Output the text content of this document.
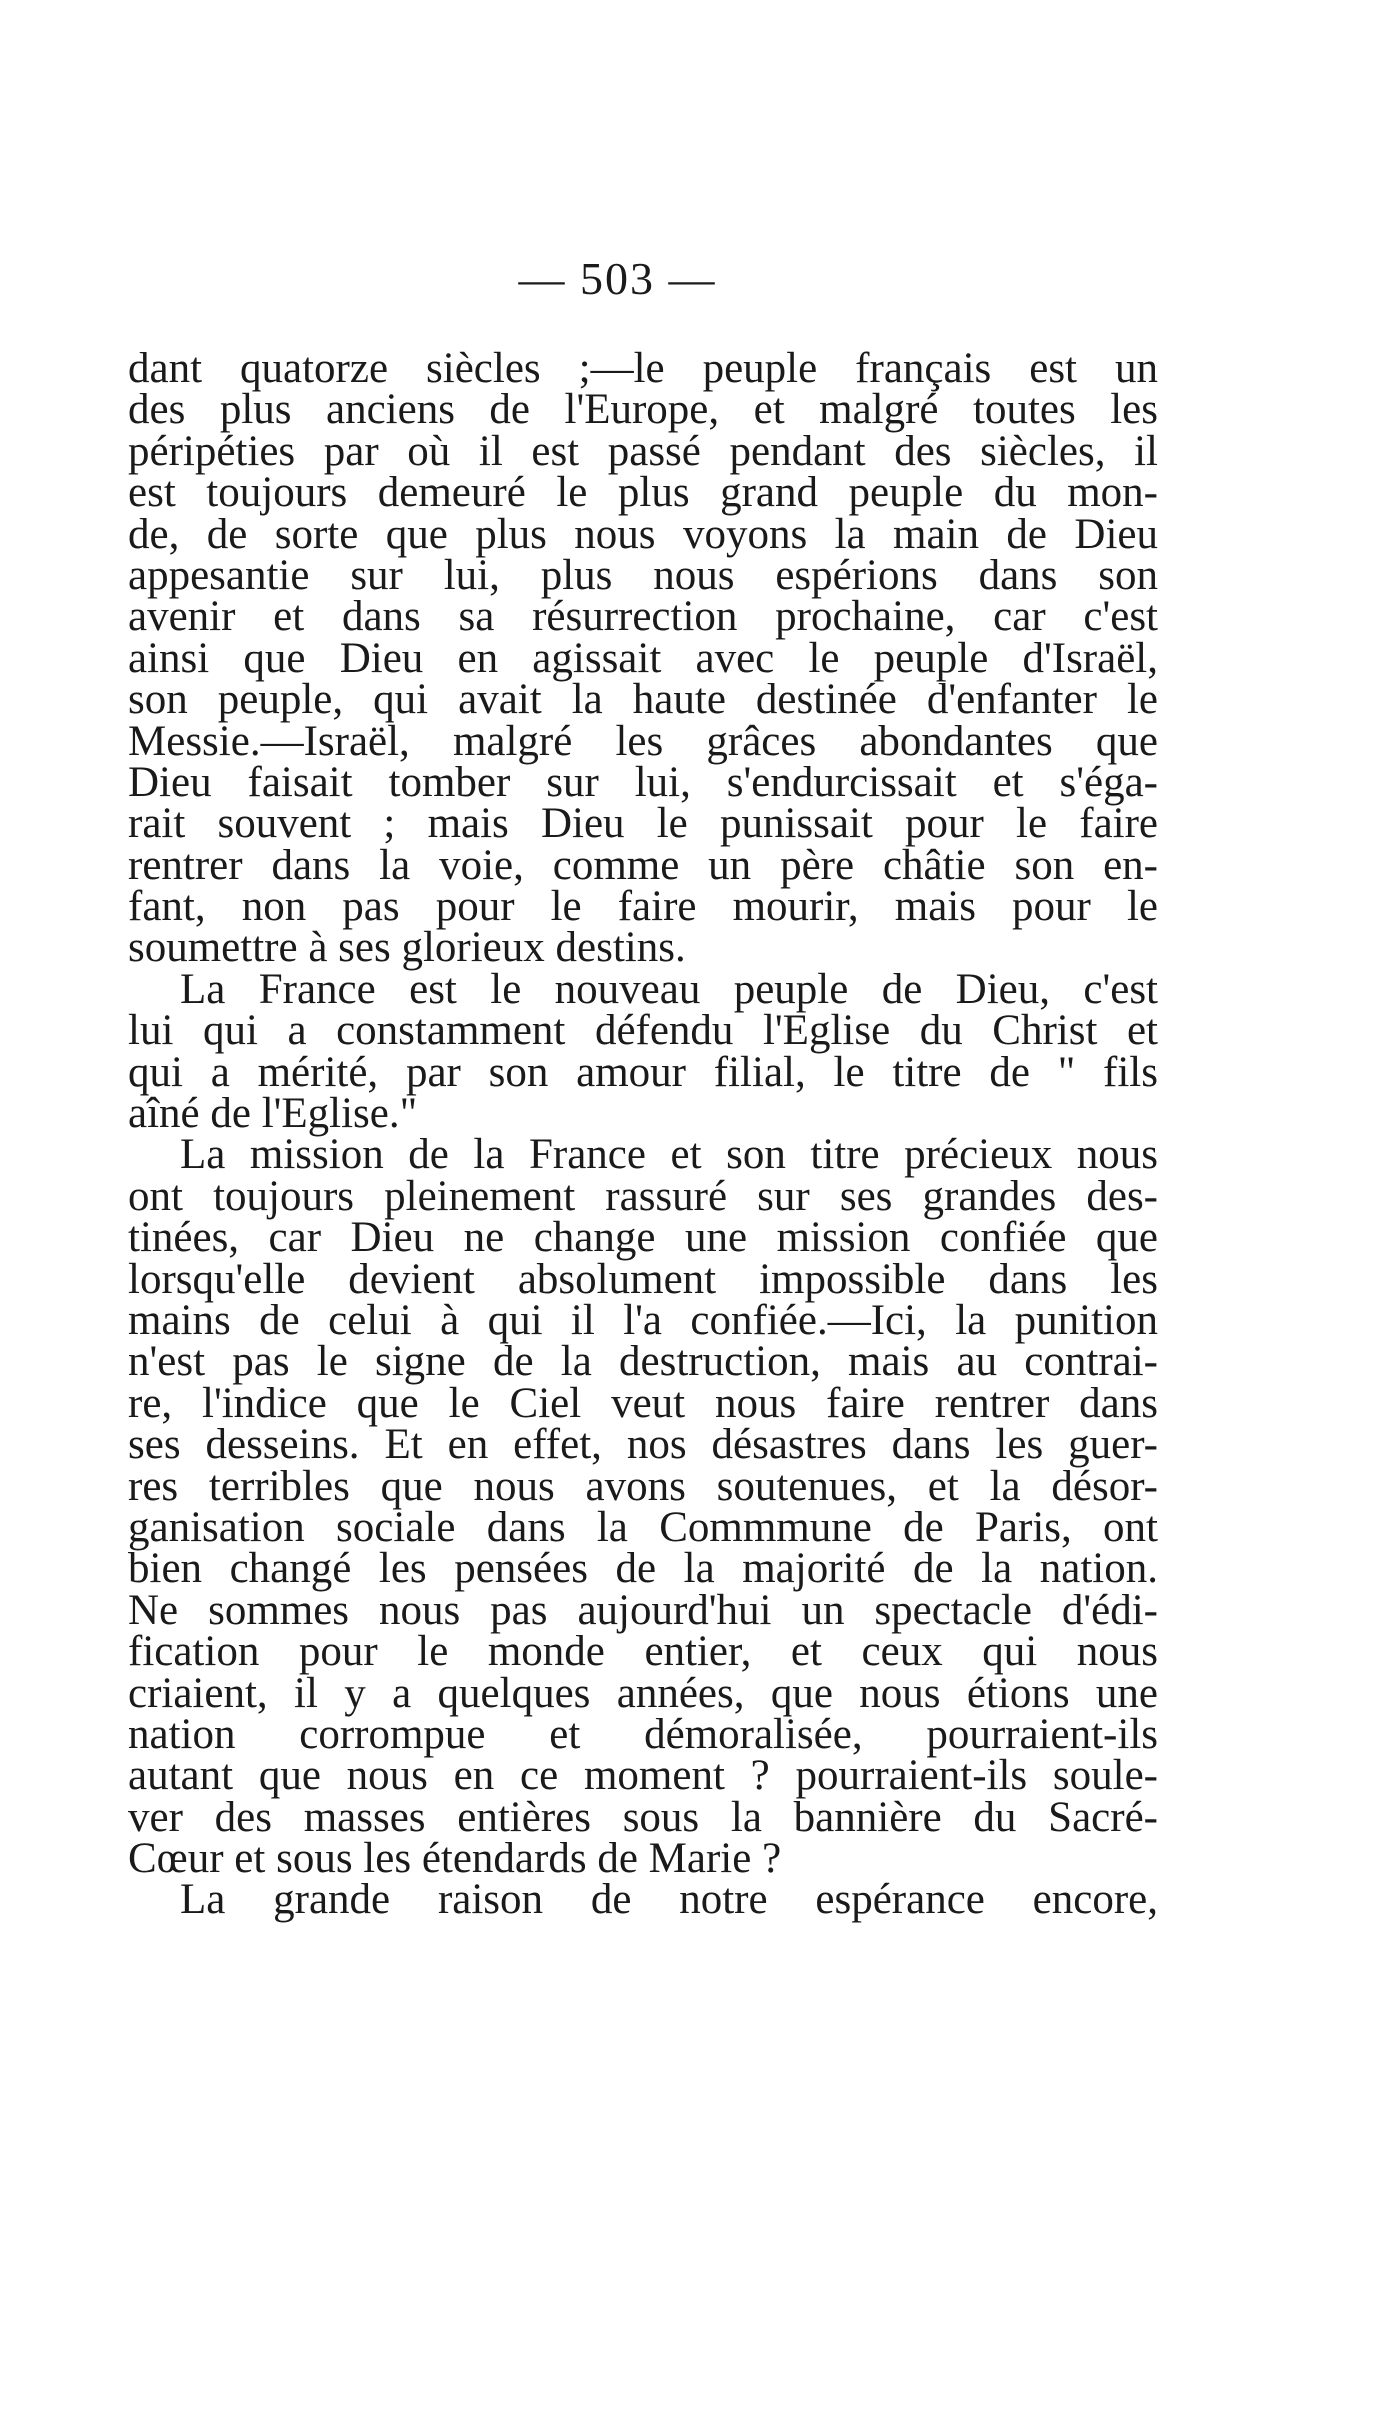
— 503 —
dant quatorze siècles ;—le peuple français est un
des plus anciens de l'Europe, et malgré toutes les
péripéties par où il est passé pendant des siècles, il
est toujours demeuré le plus grand peuple du mon-
de, de sorte que plus nous voyons la main de Dieu
appesantie sur lui, plus nous espérions dans son
avenir et dans sa résurrection prochaine, car c'est
ainsi que Dieu en agissait avec le peuple d'Israël,
son peuple, qui avait la haute destinée d'enfanter le
Messie.—Israël, malgré les grâces abondantes que
Dieu faisait tomber sur lui, s'endurcissait et s'éga-
rait souvent ; mais Dieu le punissait pour le faire
rentrer dans la voie, comme un père châtie son en-
fant, non pas pour le faire mourir, mais pour le
soumettre à ses glorieux destins.
La France est le nouveau peuple de Dieu, c'est
lui qui a constamment défendu l'Eglise du Christ et
qui a mérité, par son amour filial, le titre de " fils
aîné de l'Eglise."
La mission de la France et son titre précieux nous
ont toujours pleinement rassuré sur ses grandes des-
tinées, car Dieu ne change une mission confiée que
lorsqu'elle devient absolument impossible dans les
mains de celui à qui il l'a confiée.—Ici, la punition
n'est pas le signe de la destruction, mais au contrai-
re, l'indice que le Ciel veut nous faire rentrer dans
ses desseins. Et en effet, nos désastres dans les guer-
res terribles que nous avons soutenues, et la désor-
ganisation sociale dans la Commmune de Paris, ont
bien changé les pensées de la majorité de la nation.
Ne sommes nous pas aujourd'hui un spectacle d'édi-
fication pour le monde entier, et ceux qui nous
criaient, il y a quelques années, que nous étions une
nation corrompue et démoralisée, pourraient-ils
autant que nous en ce moment ? pourraient-ils soule-
ver des masses entières sous la bannière du Sacré-
Cœur et sous les étendards de Marie ?
La grande raison de notre espérance encore,
